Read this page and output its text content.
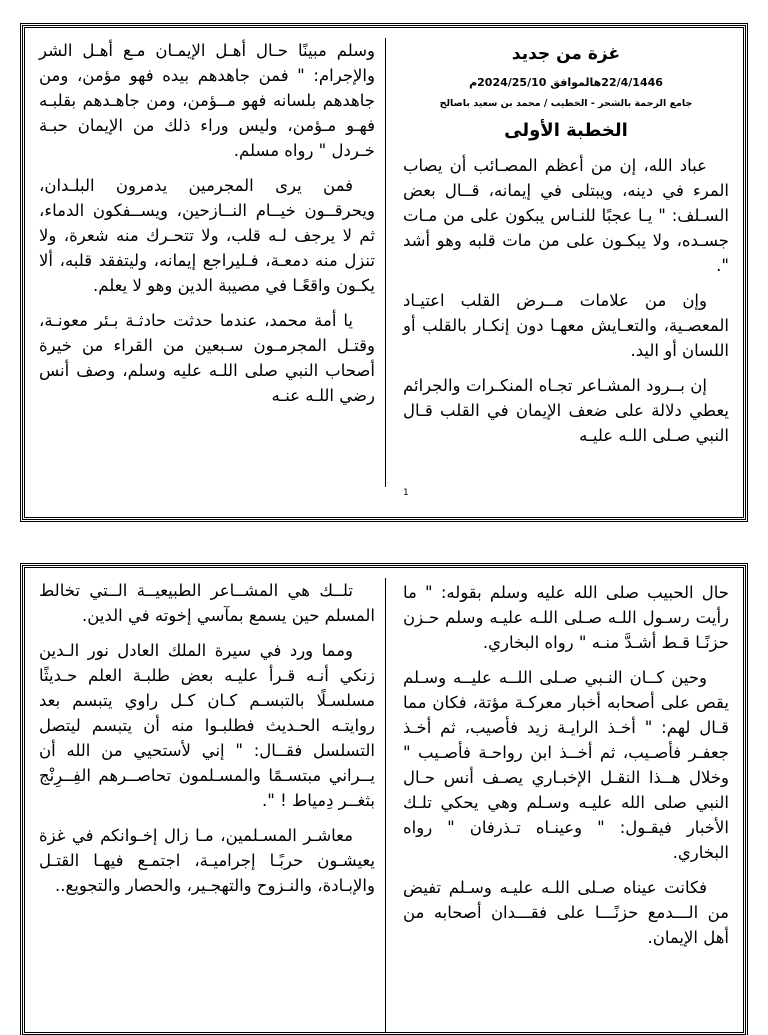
غزة من جديد
22/4/1446هالموافق 2024/25/10م
جامع الرحمة بالشحر - الخطيب / محمد بن سعيد باصالح
الخطبة الأولى

عباد الله، إن من أعظم المصـائب أن يصاب المرء في دينه، ويبتلى في إيمانه، قــال بعض السـلف: " يـا عجبًا للنـاس يبكون على من مـات جسـده، ولا يبكـون على من مات قلبه وهو أشد ".

وإن من علامات مــرض القلب اعتيـاد المعصـية، والتعـايش معهـا دون إنكـار بالقلب أو اللسان أو اليد.

إن بــرود المشـاعر تجـاه المنكـرات والجرائم يعطي دلالة على ضعف الإيمان في القلب قـال النبي صـلى اللـه عليـه

وسلم مبينًا حـال أهـل الإيمـان مـع أهـل الشر والإجرام: " فمن جاهدهم بيده فهو مؤمن، ومن جاهدهم بلسانه فهو مــؤمن، ومن جاهـدهم بقلبـه فهـو مـؤمن، وليس وراء ذلك من الإيمان حبـة خـردل " رواه مسلم.

فمن يرى المجرمين يدمرون البلـدان، ويحرقــون خيــام النــازحين، ويســفكون الدماء، ثم لا يرجف لـه قلب، ولا تتحـرك منه شعرة، ولا تنزل منه دمعـة، فـليراجع إيمانه، وليتفقد قلبه، ألا يكـون واقعًـا في مصيبة الدين وهو لا يعلم.

يا أمة محمد، عندما حدثت حادثـة بـئر معونـة، وقتـل المجرمـون سـبعين من القراء من خيرة أصحاب النبي صلى اللـه عليه وسلم، وصف أنس رضي اللـه عنـه

1

حال الحبيب صلى الله عليه وسلم بقوله: " ما رأيت رسـول اللـه صـلى اللـه عليـه وسلم حـزن حزنًـا قـط أشـدَّ منـه " رواه البخاري.

وحين كــان النـبي صـلى اللــه عليــه وسـلم يقص على أصحابه أخبار معركـة مؤتة، فكان مما قـال لهم: " أخـذ الرايـة زيد فأصيب، ثم أخـذ جعفـر فأصـيب، ثم أخــذ ابن رواحـة فأصـيب " وخلال هــذا النقـل الإخبـاري يصـف أنس حـال النبي صلى الله عليـه وسـلم وهي يحكي تلـك الأخبار فيقـول: " وعينـاه تـذرفان " رواه البخاري.

فكانت عيناه صـلى اللـه عليـه وسـلم تفيض من الـــدمع حزنًـــا على فقـــدان أصحابه من أهل الإيمان.

تلــك هي المشــاعر الطبيعيــة الــتي تخالط المسلم حين يسمع بمآسي إخوته في الدين.

ومما ورد في سيرة الملك العادل نور الـدين زنكي أنـه قـرأ عليـه بعض طلبـة العلم حـديثًا مسلسـلًا بالتبسـم كـان كـل راوي يتبسم بعد روايتـه الحـديث فطلبـوا منه أن يتبسم ليتصل التسلسل فقــال: " إني لأستحيي من الله أن يــراني مبتسـمًا والمسـلمون تحاصــرهم الفِــرِنْج بثغــر دِمياط ! ".

معاشـر المسـلمين، مـا زال إخـوانكم في غزة يعيشـون حربًـا إجراميـة، اجتمـع فيهـا القتـل والإبـادة، والنـزوح والتهجـير، والحصار والتجويع..
